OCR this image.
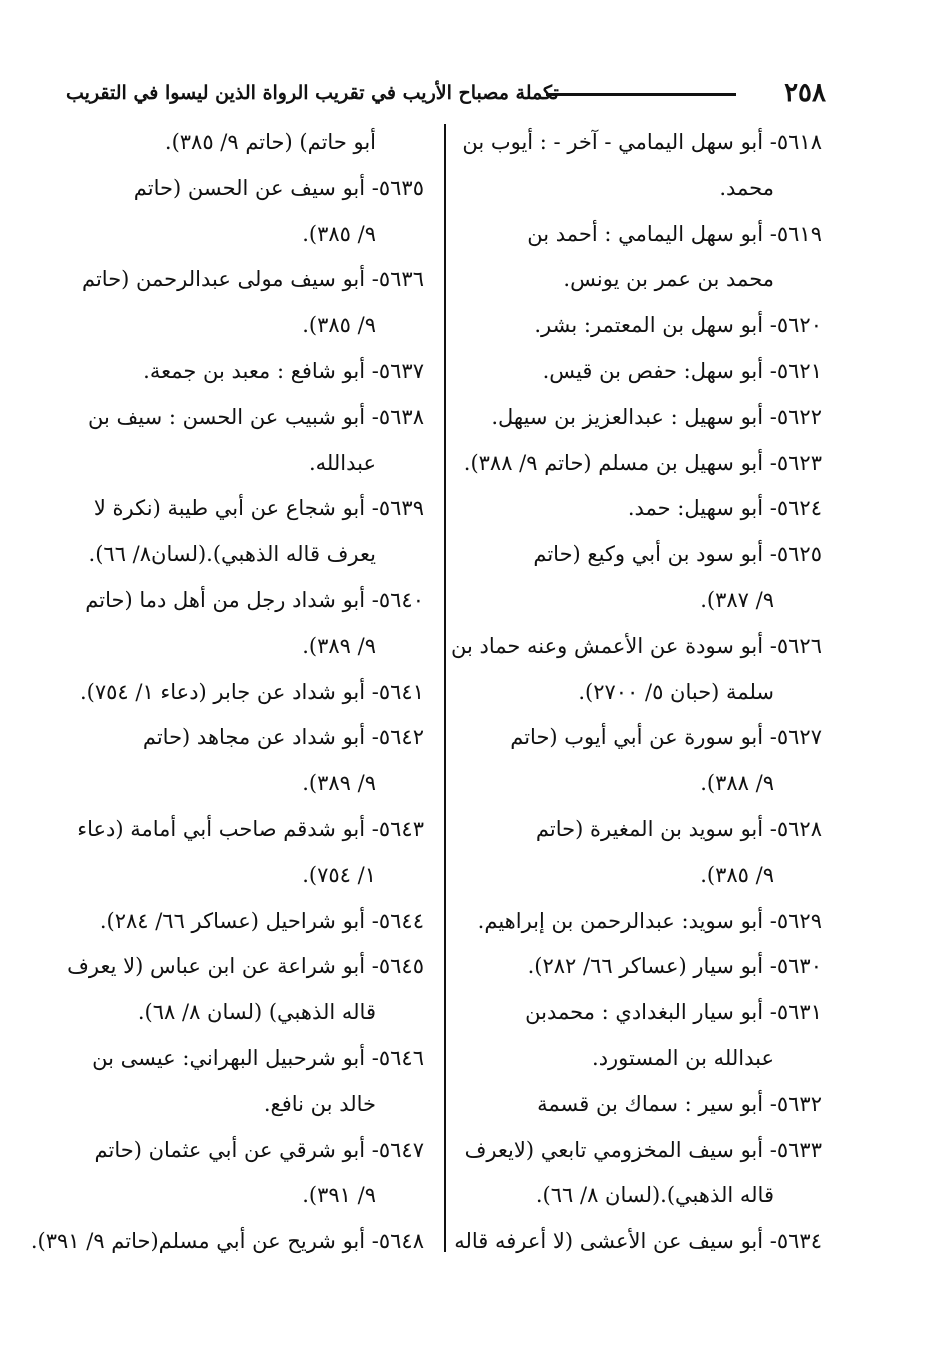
٢٥٨
تكملة مصباح الأريب في تقريب الرواة الذين ليسوا في التقريب
٥٦١٨- أبو سهل اليمامي - آخر - : أيوب بن
محمد.
٥٦١٩- أبو سهل اليمامي : أحمد بن
محمد بن عمر بن يونس.
٥٦٢٠- أبو سهل بن المعتمر: بشر.
٥٦٢١- أبو سهل: حفص بن قيس.
٥٦٢٢- أبو سهيل : عبدالعزيز بن سيهل.
٥٦٢٣- أبو سهيل بن مسلم (حاتم ٩/ ٣٨٨).
٥٦٢٤- أبو سهيل: حمد.
٥٦٢٥- أبو سود بن أبي وكيع (حاتم
٩/ ٣٨٧).
٥٦٢٦- أبو سودة عن الأعمش وعنه حماد بن
سلمة (حبان ٥/ ٢٧٠٠).
٥٦٢٧- أبو سورة عن أبي أيوب (حاتم
٩/ ٣٨٨).
٥٦٢٨- أبو سويد بن المغيرة (حاتم
٩/ ٣٨٥).
٥٦٢٩- أبو سويد: عبدالرحمن بن إبراهيم.
٥٦٣٠- أبو سيار (عساكر ٦٦/ ٢٨٢).
٥٦٣١- أبو سيار البغدادي : محمدبن
عبدالله بن المستورد.
٥٦٣٢- أبو سير : سماك بن قسمة
٥٦٣٣- أبو سيف المخزومي تابعي (لايعرف
قاله الذهبي).(لسان ٨/ ٦٦).
٥٦٣٤- أبو سيف عن الأعشى (لا أعرفه قاله
أبو حاتم) (حاتم ٩/ ٣٨٥).
٥٦٣٥- أبو سيف عن الحسن (حاتم
٩/ ٣٨٥).
٥٦٣٦- أبو سيف مولى عبدالرحمن (حاتم
٩/ ٣٨٥).
٥٦٣٧- أبو شافع : معبد بن جمعة.
٥٦٣٨- أبو شبيب عن الحسن : سيف بن
عبدالله.
٥٦٣٩- أبو شجاع عن أبي طيبة (نكرة لا
يعرف قاله الذهبي).(لسان٨/ ٦٦).
٥٦٤٠- أبو شداد رجل من أهل دما (حاتم
٩/ ٣٨٩).
٥٦٤١- أبو شداد عن جابر (دعاء ١/ ٧٥٤).
٥٦٤٢- أبو شداد عن مجاهد (حاتم
٩/ ٣٨٩).
٥٦٤٣- أبو شدقم صاحب أبي أمامة (دعاء
١/ ٧٥٤).
٥٦٤٤- أبو شراحيل (عساكر ٦٦/ ٢٨٤).
٥٦٤٥- أبو شراعة عن ابن عباس (لا يعرف
قاله الذهبي) (لسان ٨/ ٦٨).
٥٦٤٦- أبو شرحبيل البهراني: عيسى بن
خالد بن نافع.
٥٦٤٧- أبو شرقي عن أبي عثمان (حاتم
٩/ ٣٩١).
٥٦٤٨- أبو شريح عن أبي مسلم(حاتم ٩/ ٣٩١).
